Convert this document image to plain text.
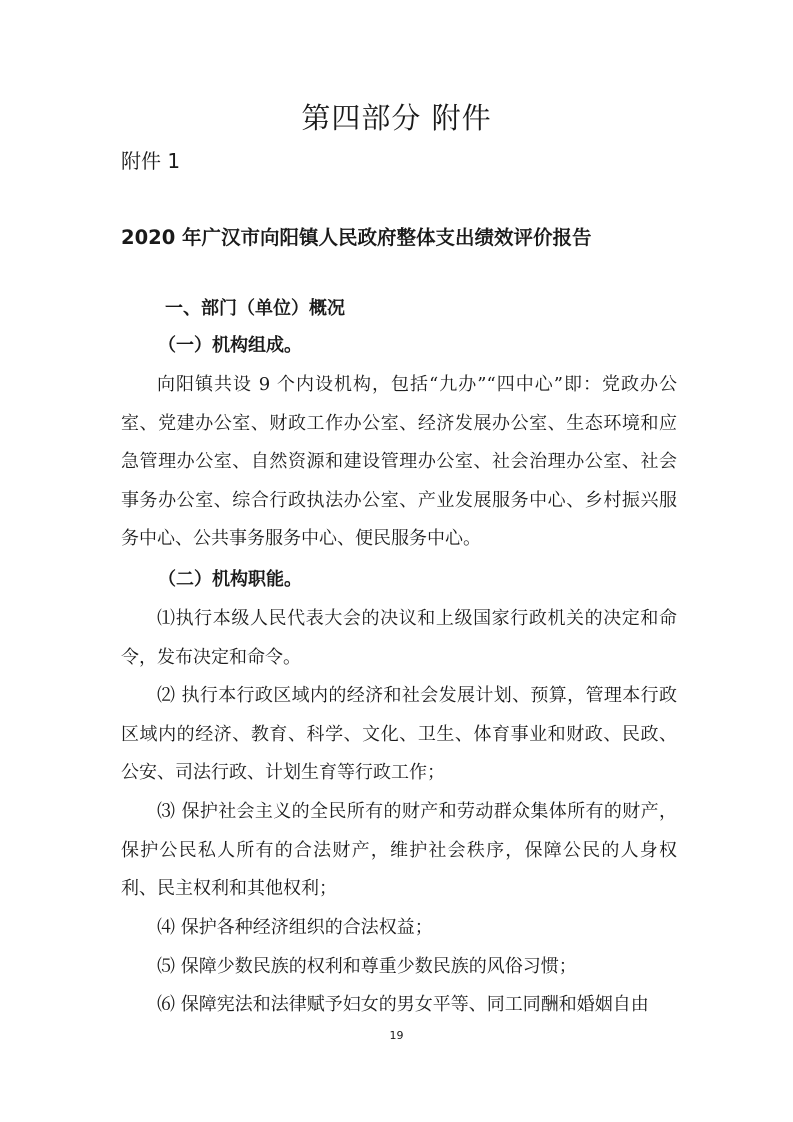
第四部分 附件
附件 1
2020 年广汉市向阳镇人民政府整体支出绩效评价报告
一、部门（单位）概况
（一）机构组成。
向阳镇共设 9 个内设机构，包括“九办”“四中心”即：党政办公室、党建办公室、财政工作办公室、经济发展办公室、生态环境和应急管理办公室、自然资源和建设管理办公室、社会治理办公室、社会事务办公室、综合行政执法办公室、产业发展服务中心、乡村振兴服务中心、公共事务服务中心、便民服务中心。
（二）机构职能。
⑴执行本级人民代表大会的决议和上级国家行政机关的决定和命令，发布决定和命令。
⑵ 执行本行政区域内的经济和社会发展计划、预算，管理本行政区域内的经济、教育、科学、文化、卫生、体育事业和财政、民政、公安、司法行政、计划生育等行政工作；
⑶ 保护社会主义的全民所有的财产和劳动群众集体所有的财产，保护公民私人所有的合法财产，维护社会秩序，保障公民的人身权利、民主权利和其他权利；
⑷ 保护各种经济组织的合法权益；
⑸ 保障少数民族的权利和尊重少数民族的风俗习惯；
⑹ 保障宪法和法律赋予妇女的男女平等、同工同酬和婚姻自由
19
